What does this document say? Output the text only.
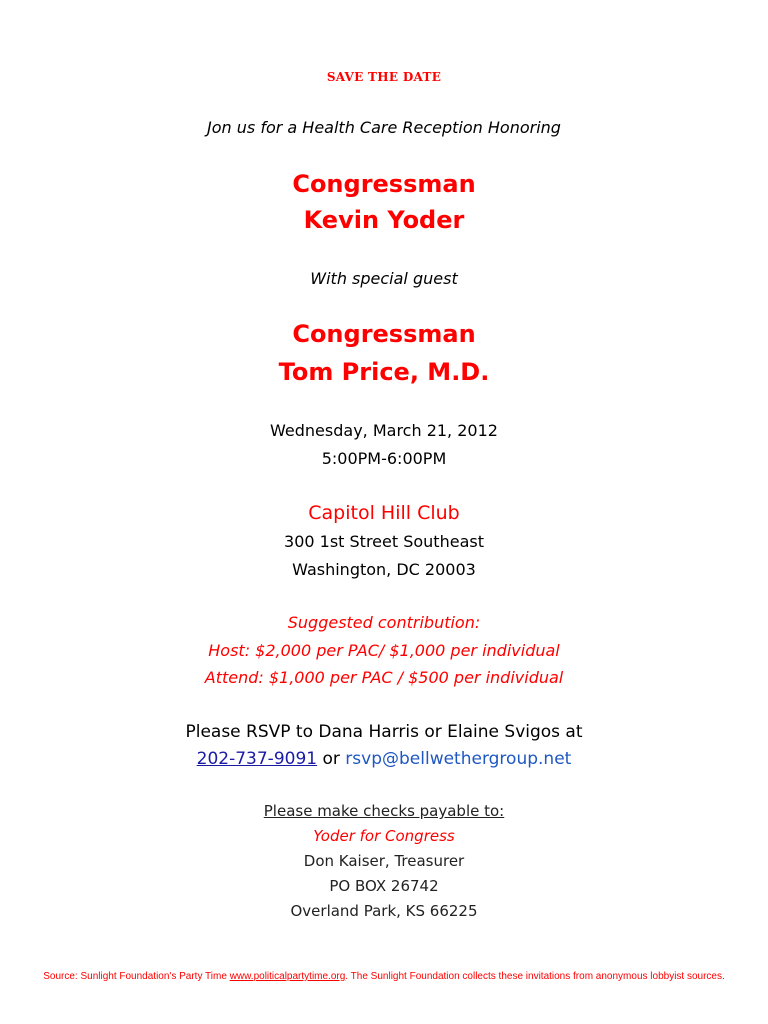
SAVE THE DATE
Jon us for a Health Care Reception Honoring
Congressman
Kevin Yoder
With special guest
Congressman
Tom Price, M.D.
Wednesday, March 21, 2012
5:00PM-6:00PM
Capitol Hill Club
300 1st Street Southeast
Washington, DC 20003
Suggested contribution:
Host: $2,000 per PAC/ $1,000 per individual
Attend: $1,000 per PAC / $500 per individual
Please RSVP to Dana Harris or Elaine Svigos at
202-737-9091 or rsvp@bellwethergroup.net
Please make checks payable to:
Yoder for Congress
Don Kaiser, Treasurer
PO BOX 26742
Overland Park, KS 66225
Source: Sunlight Foundation's Party Time www.politicalpartytime.org. The Sunlight Foundation collects these invitations from anonymous lobbyist sources.
